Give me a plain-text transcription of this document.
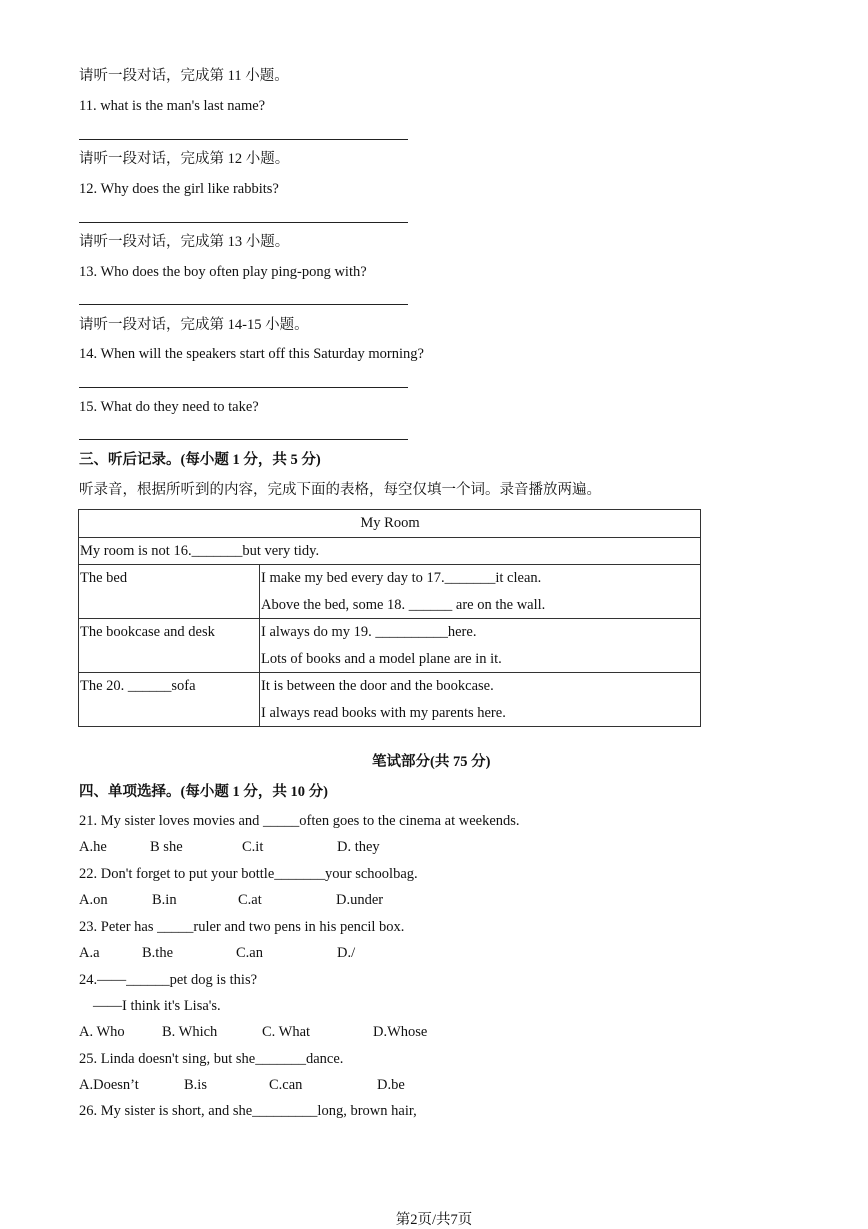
请听一段对话，完成第 11 小题。
11. what is the man's last name?
请听一段对话，完成第 12 小题。
12. Why does the girl like rabbits?
请听一段对话，完成第 13 小题。
13. Who does the boy often play ping-pong with?
请听一段对话，完成第 14-15 小题。
14. When will the speakers start off this Saturday morning?
15. What do they need to take?
三、听后记录。(每小题 1 分，共 5 分)
听录音，根据所听到的内容，完成下面的表格，每空仅填一个词。录音播放两遍。
My Room	

My room is not 16._______but very tidy.	

The bed	I make my bed every day to 17._______it clean.
Above the bed, some 18. ______ are on the wall.

The bookcase and desk	I always do my 19. __________here.
Lots of books and a model plane are in it.

The 20. ______sofa	It is between the door and the bookcase.
I always read books with my parents here.
笔试部分(共 75 分)
四、单项选择。(每小题 1 分，共 10 分)
21. My sister loves movies and _____often goes to the cinema at weekends.
A.he	B she	C.it	D. they
22. Don't forget to put your bottle_______your schoolbag.
A.on	B.in	C.at	D.under
23. Peter has _____ruler and two pens in his pencil box.
A.a	B.the	C.an	D./
24.——______pet dog is this?
——I think it's Lisa's.
A. Who	B. Which	C. What	D.Whose
25. Linda doesn't sing, but she_______dance.
A.Doesn’t	B.is	C.can	D.be
26. My sister is short, and she_________long, brown hair,
第2页/共7页
